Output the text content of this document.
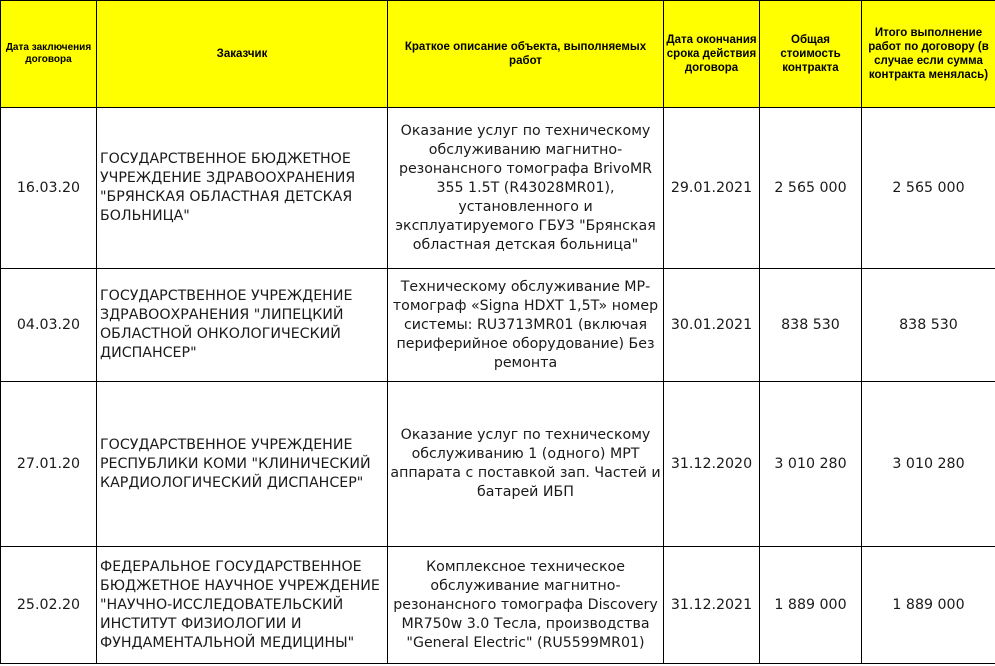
Дата заключения договора	Заказчик	Краткое описание объекта, выполняемых работ	Дата окончания срока действия договора	Общая стоимость контракта	Итого выполнение работ по договору (в случае если сумма контракта менялась)
16.03.20	ГОСУДАРСТВЕННОЕ БЮДЖЕТНОЕ УЧРЕЖДЕНИЕ ЗДРАВООХРАНЕНИЯ "БРЯНСКАЯ ОБЛАСТНАЯ ДЕТСКАЯ БОЛЬНИЦА"	Оказание услуг по техническому обслуживанию магнитно-резонансного томографа BrivoMR 355 1.5T (R43028MR01), установленного и эксплуатируемого ГБУЗ "Брянская областная детская больница"	29.01.2021	2 565 000	2 565 000
04.03.20	ГОСУДАРСТВЕННОЕ УЧРЕЖДЕНИЕ ЗДРАВООХРАНЕНИЯ "ЛИПЕЦКИЙ ОБЛАСТНОЙ ОНКОЛОГИЧЕСКИЙ ДИСПАНСЕР"	Техническому обслуживание МР-томограф «Signa HDXT 1,5T» номер системы: RU3713MR01 (включая периферийное оборудование) Без ремонта	30.01.2021	838 530	838 530
27.01.20	ГОСУДАРСТВЕННОЕ УЧРЕЖДЕНИЕ РЕСПУБЛИКИ КОМИ "КЛИНИЧЕСКИЙ КАРДИОЛОГИЧЕСКИЙ ДИСПАНСЕР"	Оказание услуг по техническому обслуживанию 1 (одного) МРТ аппарата с поставкой зап. Частей и батарей ИБП	31.12.2020	3 010 280	3 010 280
25.02.20	ФЕДЕРАЛЬНОЕ ГОСУДАРСТВЕННОЕ БЮДЖЕТНОЕ НАУЧНОЕ УЧРЕЖДЕНИЕ "НАУЧНО-ИССЛЕДОВАТЕЛЬСКИЙ ИНСТИТУТ ФИЗИОЛОГИИ И ФУНДАМЕНТАЛЬНОЙ МЕДИЦИНЫ"	Комплексное техническое обслуживание магнитно-резонансного томографа Discovery MR750w 3.0 Тесла, производства "General Electric" (RU5599MR01)	31.12.2021	1 889 000	1 889 000
